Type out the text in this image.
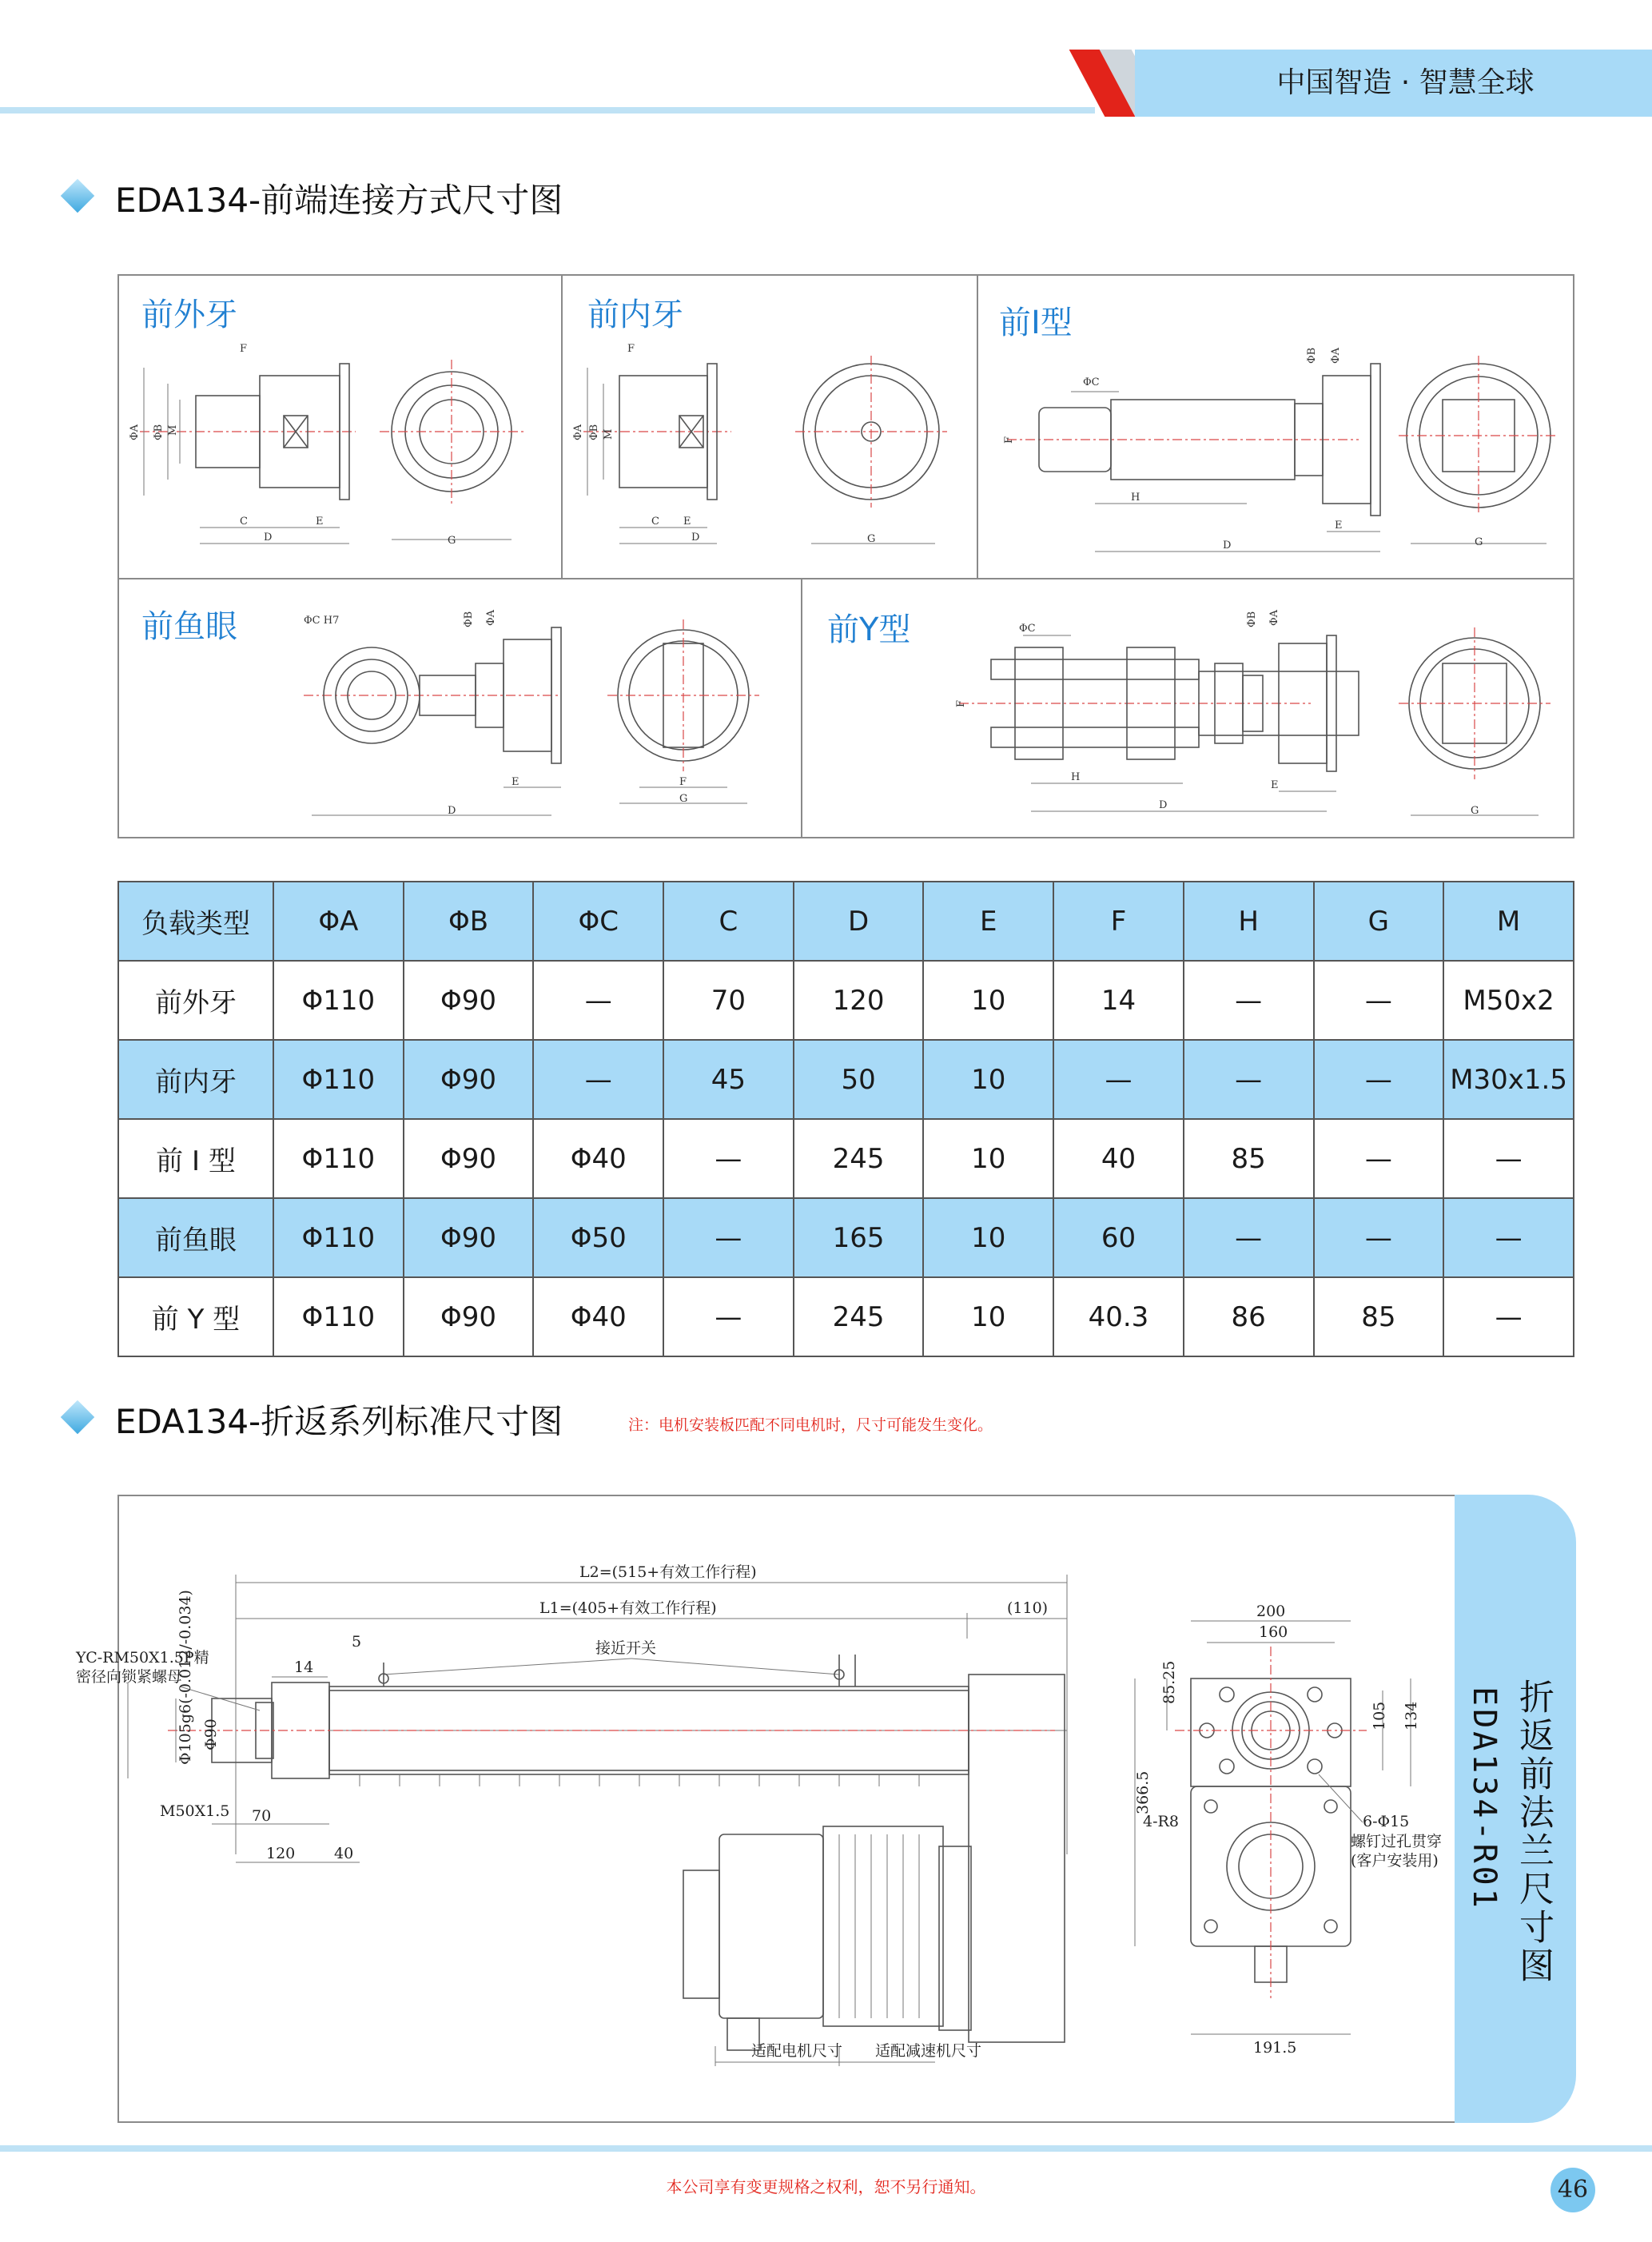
中国智造 · 智慧全球
EDA134-前端连接方式尺寸图
前外牙	前内牙	前I型
前鱼眼	前Y型
F
ΦA ΦB M
C
D
E
G
F
ΦA ΦB M
C
D
E
G
ΦC
ΦB ΦA
F
H
D
E
G
ΦC H7	ΦB ΦA
E
D
F
G
ΦC
ΦB ΦA
F
H
D
E
G
负载类型	ΦA	ΦB	ΦC	C	D	E	F	H	G	M
前外牙	Φ110	Φ90	—	70	120	10	14	—	—	M50x2
前内牙	Φ110	Φ90	—	45	50	10	—	—	—	M30x1.5
前 I 型	Φ110	Φ90	Φ40	—	245	10	40	85	—	—
前鱼眼	Φ110	Φ90	Φ50	—	165	10	60	—	—	—
前 Y 型	Φ110	Φ90	Φ40	—	245	10	40.3	86	85	—
EDA134-折返系列标准尺寸图	注：电机安装板匹配不同电机时，尺寸可能发生变化。
折返前法兰尺寸图
EDA134-R01
L2=(515+有效工作行程)
L1=(405+有效工作行程)	(110)
5	接近开关
适配电机尺寸 适配减速机尺寸
YC-RM50X1.5P精
密径向锁紧螺母
14
Φ105g6(-0.012/-0.034) Φ90
M50X1.5 70
120	40
200
160
85.25
105 134
366.5
4-R8	6-Φ15
螺钉过孔贯穿
(客户安装用)
191.5
本公司享有变更规格之权利，恕不另行通知。	46
